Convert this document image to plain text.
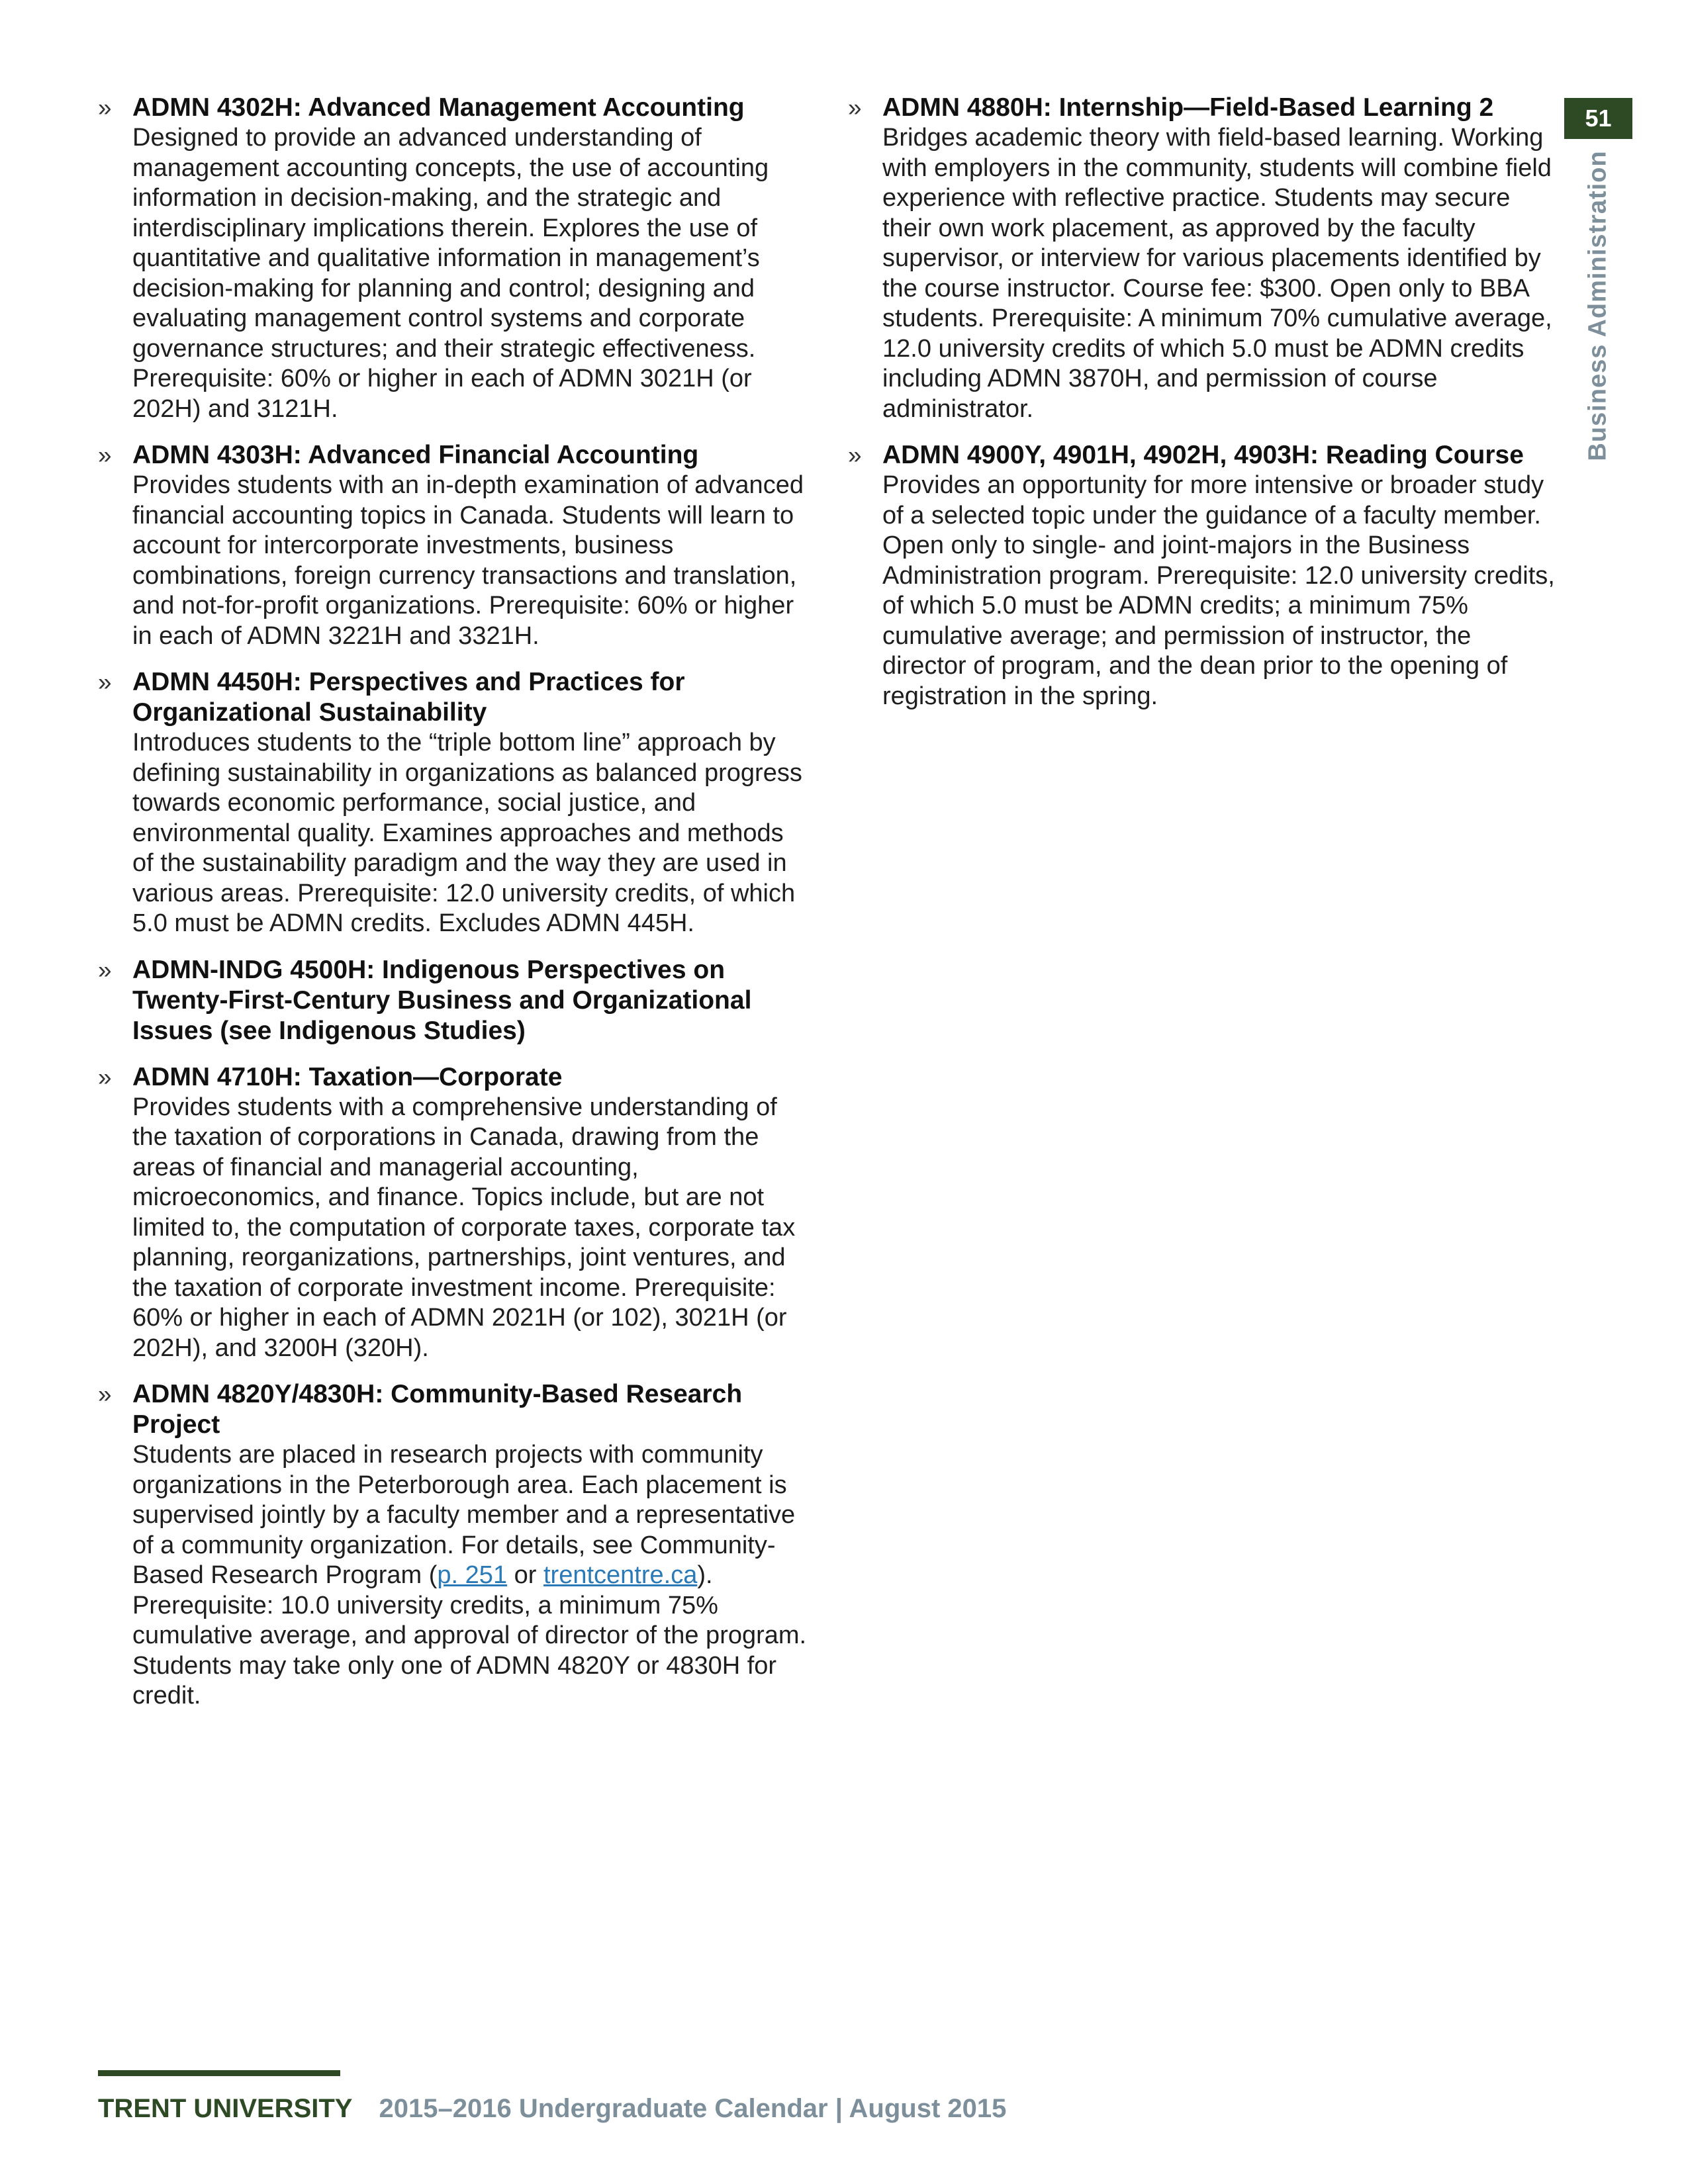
» ADMN 4302H: Advanced Management Accounting
Designed to provide an advanced understanding of management accounting concepts, the use of accounting information in decision-making, and the strategic and interdisciplinary implications therein. Explores the use of quantitative and qualitative information in management’s decision-making for planning and control; designing and evaluating management control systems and corporate governance structures; and their strategic effectiveness. Prerequisite: 60% or higher in each of ADMN 3021H (or 202H) and 3121H.
» ADMN 4303H: Advanced Financial Accounting
Provides students with an in-depth examination of advanced financial accounting topics in Canada. Students will learn to account for intercorporate investments, business combinations, foreign currency transactions and translation, and not-for-profit organizations. Prerequisite: 60% or higher in each of ADMN 3221H and 3321H.
» ADMN 4450H: Perspectives and Practices for Organizational Sustainability
Introduces students to the “triple bottom line” approach by defining sustainability in organizations as balanced progress towards economic performance, social justice, and environmental quality. Examines approaches and methods of the sustainability paradigm and the way they are used in various areas. Prerequisite: 12.0 university credits, of which 5.0 must be ADMN credits. Excludes ADMN 445H.
» ADMN-INDG 4500H: Indigenous Perspectives on Twenty-First-Century Business and Organizational Issues (see Indigenous Studies)
» ADMN 4710H: Taxation—Corporate
Provides students with a comprehensive understanding of the taxation of corporations in Canada, drawing from the areas of financial and managerial accounting, microeconomics, and finance. Topics include, but are not limited to, the computation of corporate taxes, corporate tax planning, reorganizations, partnerships, joint ventures, and the taxation of corporate investment income. Prerequisite: 60% or higher in each of ADMN 2021H (or 102), 3021H (or 202H), and 3200H (320H).
» ADMN 4820Y/4830H: Community-Based Research Project
Students are placed in research projects with community organizations in the Peterborough area. Each placement is supervised jointly by a faculty member and a representative of a community organization. For details, see Community-Based Research Program (p. 251 or trentcentre.ca). Prerequisite: 10.0 university credits, a minimum 75% cumulative average, and approval of director of the program. Students may take only one of ADMN 4820Y or 4830H for credit.
» ADMN 4880H: Internship—Field-Based Learning 2
Bridges academic theory with field-based learning. Working with employers in the community, students will combine field experience with reflective practice. Students may secure their own work placement, as approved by the faculty supervisor, or interview for various placements identified by the course instructor. Course fee: $300. Open only to BBA students. Prerequisite: A minimum 70% cumulative average, 12.0 university credits of which 5.0 must be ADMN credits including ADMN 3870H, and permission of course administrator.
» ADMN 4900Y, 4901H, 4902H, 4903H: Reading Course
Provides an opportunity for more intensive or broader study of a selected topic under the guidance of a faculty member. Open only to single- and joint-majors in the Business Administration program. Prerequisite: 12.0 university credits, of which 5.0 must be ADMN credits; a minimum 75% cumulative average; and permission of instructor, the director of program, and the dean prior to the opening of registration in the spring.
51
Business Administration
TRENT UNIVERSITY 2015–2016 Undergraduate Calendar | August 2015
